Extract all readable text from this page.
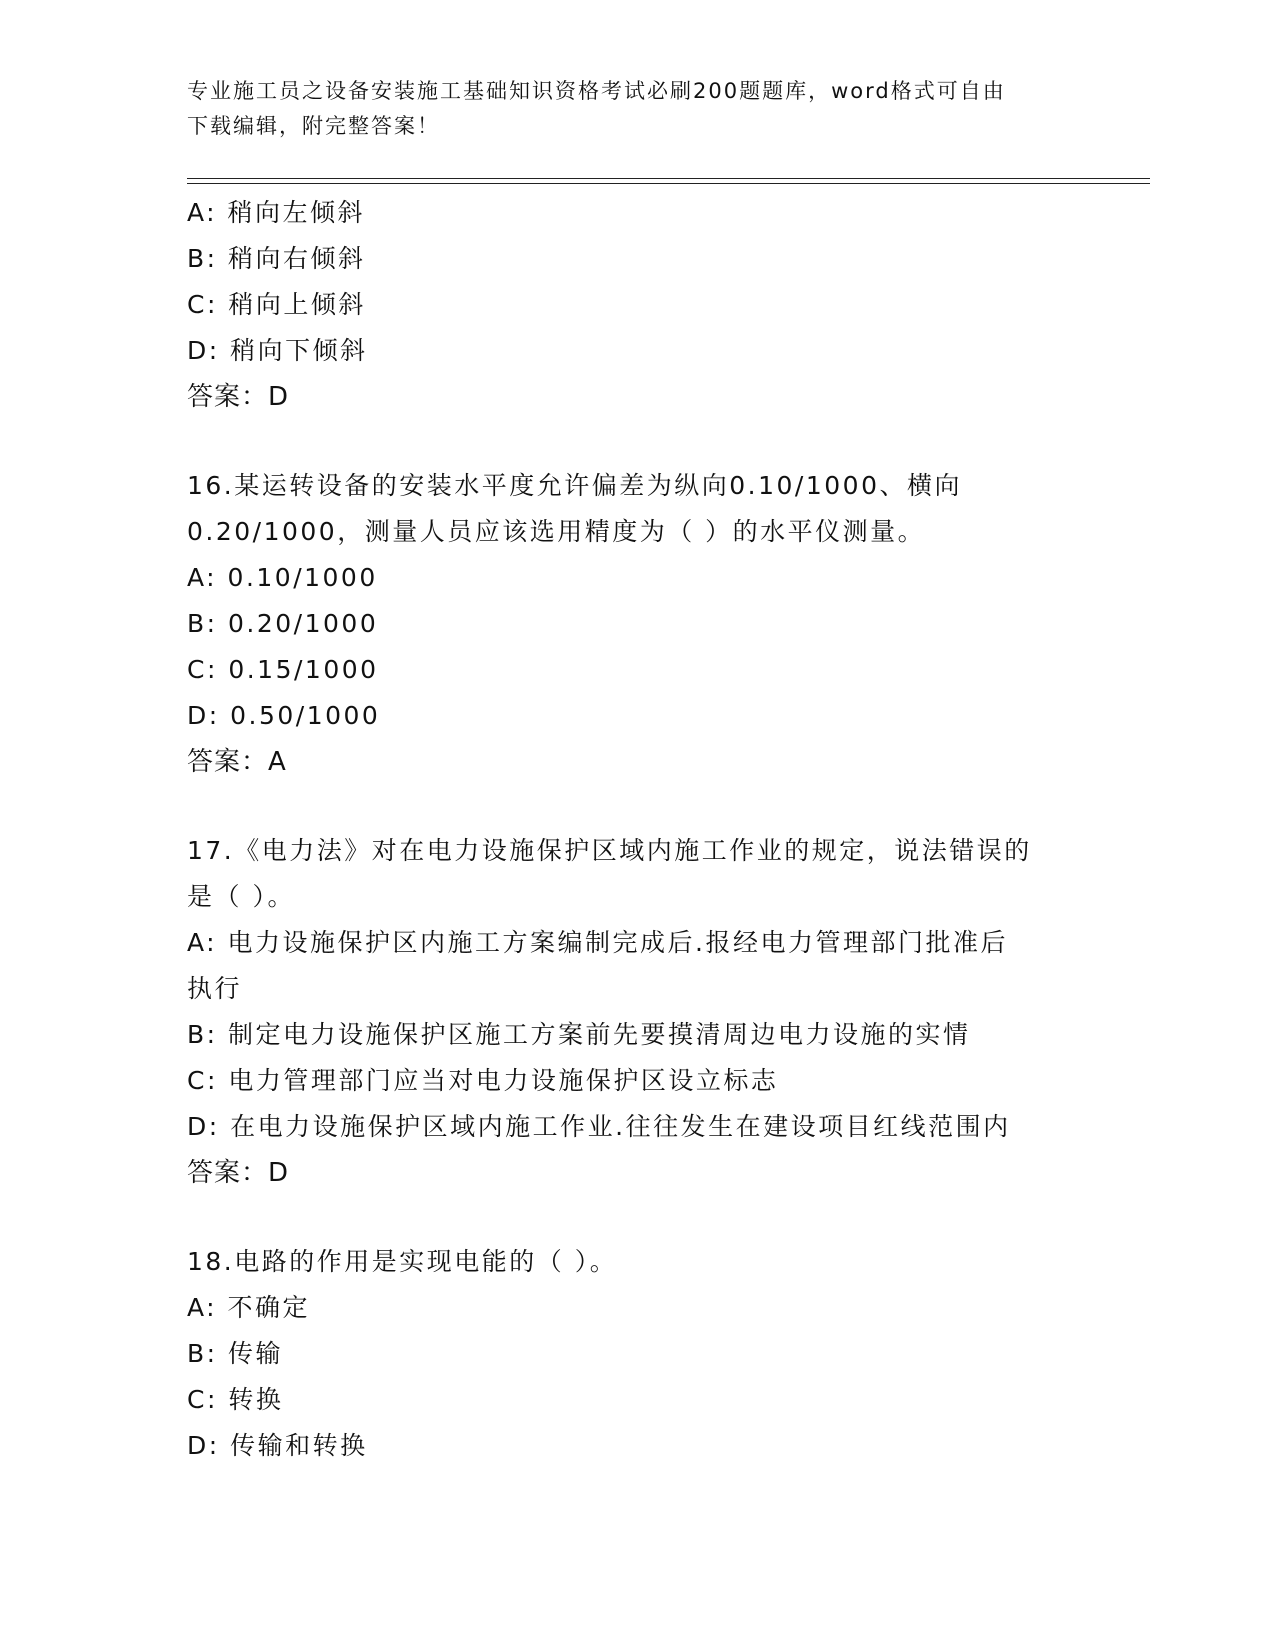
专业施工员之设备安装施工基础知识资格考试必刷200题题库，word格式可自由
下载编辑，附完整答案！
A: 稍向左倾斜
B: 稍向右倾斜
C: 稍向上倾斜
D: 稍向下倾斜
答案：D
16.某运转设备的安装水平度允许偏差为纵向0.10/1000、横向
0.20/1000，测量人员应该选用精度为（ ）的水平仪测量。
A: 0.10/1000
B: 0.20/1000
C: 0.15/1000
D: 0.50/1000
答案：A
17.《电力法》对在电力设施保护区域内施工作业的规定，说法错误的
是（ ）。
A: 电力设施保护区内施工方案编制完成后.报经电力管理部门批准后
执行
B: 制定电力设施保护区施工方案前先要摸清周边电力设施的实情
C: 电力管理部门应当对电力设施保护区设立标志
D: 在电力设施保护区域内施工作业.往往发生在建设项目红线范围内
答案：D
18.电路的作用是实现电能的（ ）。
A: 不确定
B: 传输
C: 转换
D: 传输和转换
